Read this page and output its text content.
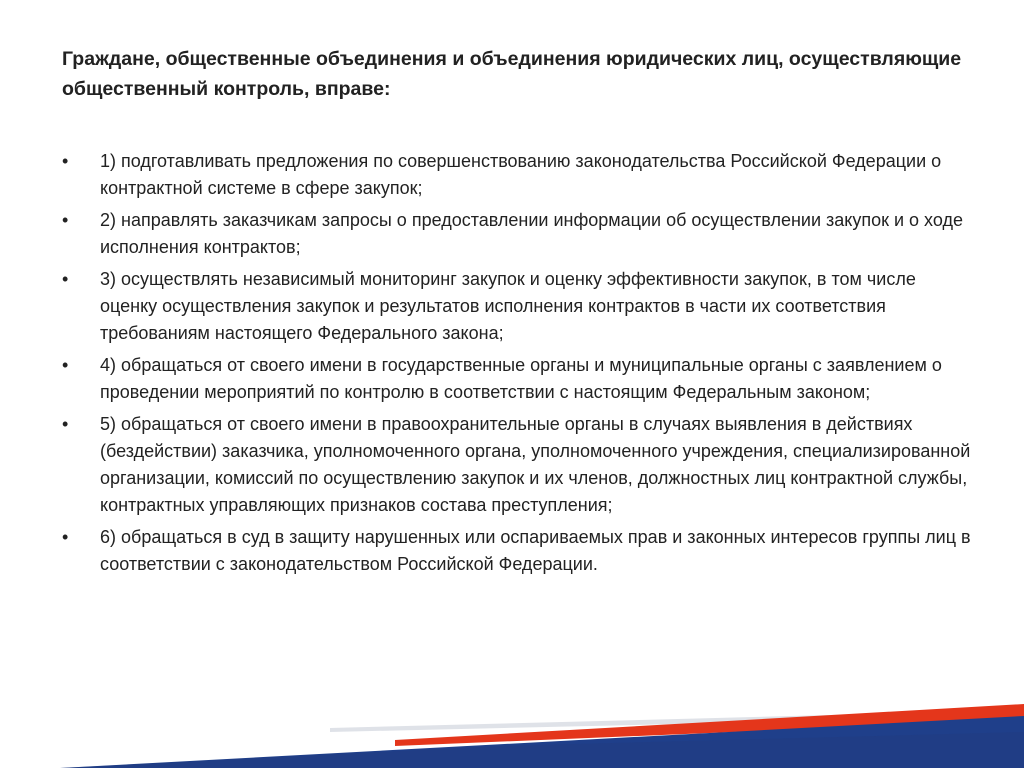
Граждане, общественные объединения и объединения юридических лиц, осуществляющие общественный контроль, вправе:
•	1) подготавливать предложения по совершенствованию законодательства Российской Федерации о контрактной системе в сфере закупок;
•	2) направлять заказчикам запросы о предоставлении информации об осуществлении закупок и о ходе исполнения контрактов;
•	3) осуществлять независимый мониторинг закупок и оценку эффективности закупок, в том числе оценку осуществления закупок и результатов исполнения контрактов в части их соответствия требованиям настоящего Федерального закона;
•	4) обращаться от своего имени в государственные органы и муниципальные органы с заявлением о проведении мероприятий по контролю в соответствии с настоящим Федеральным законом;
•	5) обращаться от своего имени в правоохранительные органы в случаях выявления в действиях (бездействии) заказчика, уполномоченного органа, уполномоченного учреждения, специализированной организации, комиссий по осуществлению закупок и их членов, должностных лиц контрактной службы, контрактных управляющих признаков состава преступления;
•	6) обращаться в суд в защиту нарушенных или оспариваемых прав и законных интересов группы лиц в соответствии с законодательством Российской Федерации.
